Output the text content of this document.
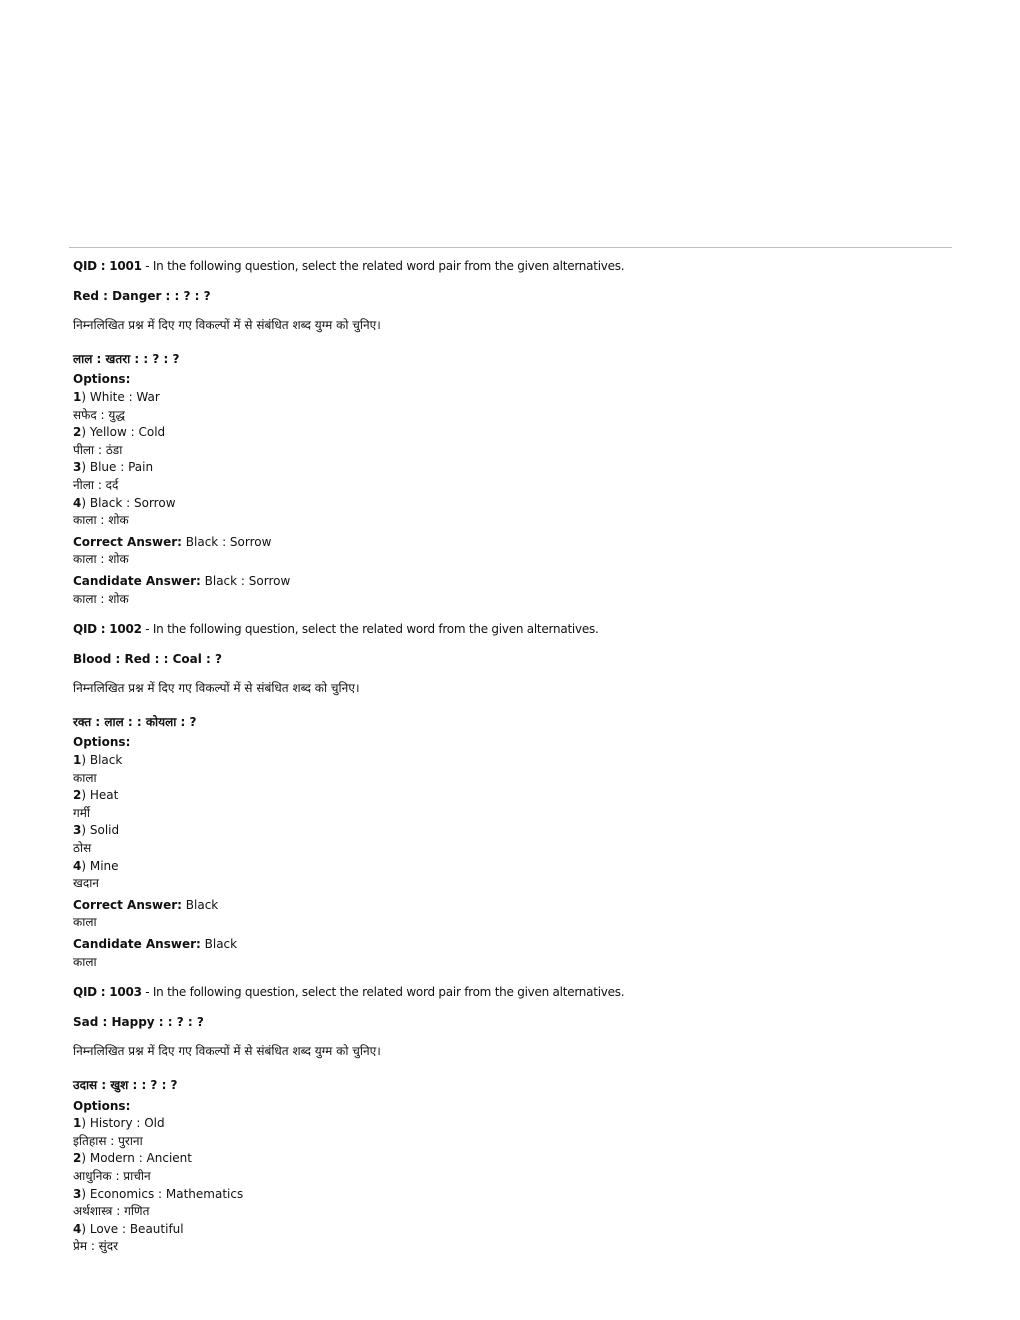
QID : 1001 - In the following question, select the related word pair from the given alternatives.

Red : Danger : : ? : ?

निम्नलिखित प्रश्न में दिए गए विकल्पों में से संबंधित शब्द युग्म को चुनिए।

लाल : खतरा : : ? : ?

Options:

1) White : War

सफेद : युद्ध

2) Yellow : Cold

पीला : ठंडा

3) Blue : Pain

नीला : दर्द

4) Black : Sorrow

काला : शोक

Correct Answer: Black : Sorrow

काला : शोक

Candidate Answer: Black : Sorrow

काला : शोक

QID : 1002 - In the following question, select the related word from the given alternatives.

Blood : Red : : Coal : ?

निम्नलिखित प्रश्न में दिए गए विकल्पों में से संबंधित शब्द को चुनिए।

रक्त : लाल : : कोयला : ?

Options:

1) Black

काला

2) Heat

गर्मी

3) Solid

ठोस

4) Mine

खदान

Correct Answer: Black

काला

Candidate Answer: Black

काला

QID : 1003 - In the following question, select the related word pair from the given alternatives.

Sad : Happy : : ? : ?

निम्नलिखित प्रश्न में दिए गए विकल्पों में से संबंधित शब्द युग्म को चुनिए।

उदास : खुश : : ? : ?

Options:

1) History : Old

इतिहास : पुराना

2) Modern : Ancient

आधुनिक : प्राचीन

3) Economics : Mathematics

अर्थशास्त्र : गणित

4) Love : Beautiful

प्रेम : सुंदर
